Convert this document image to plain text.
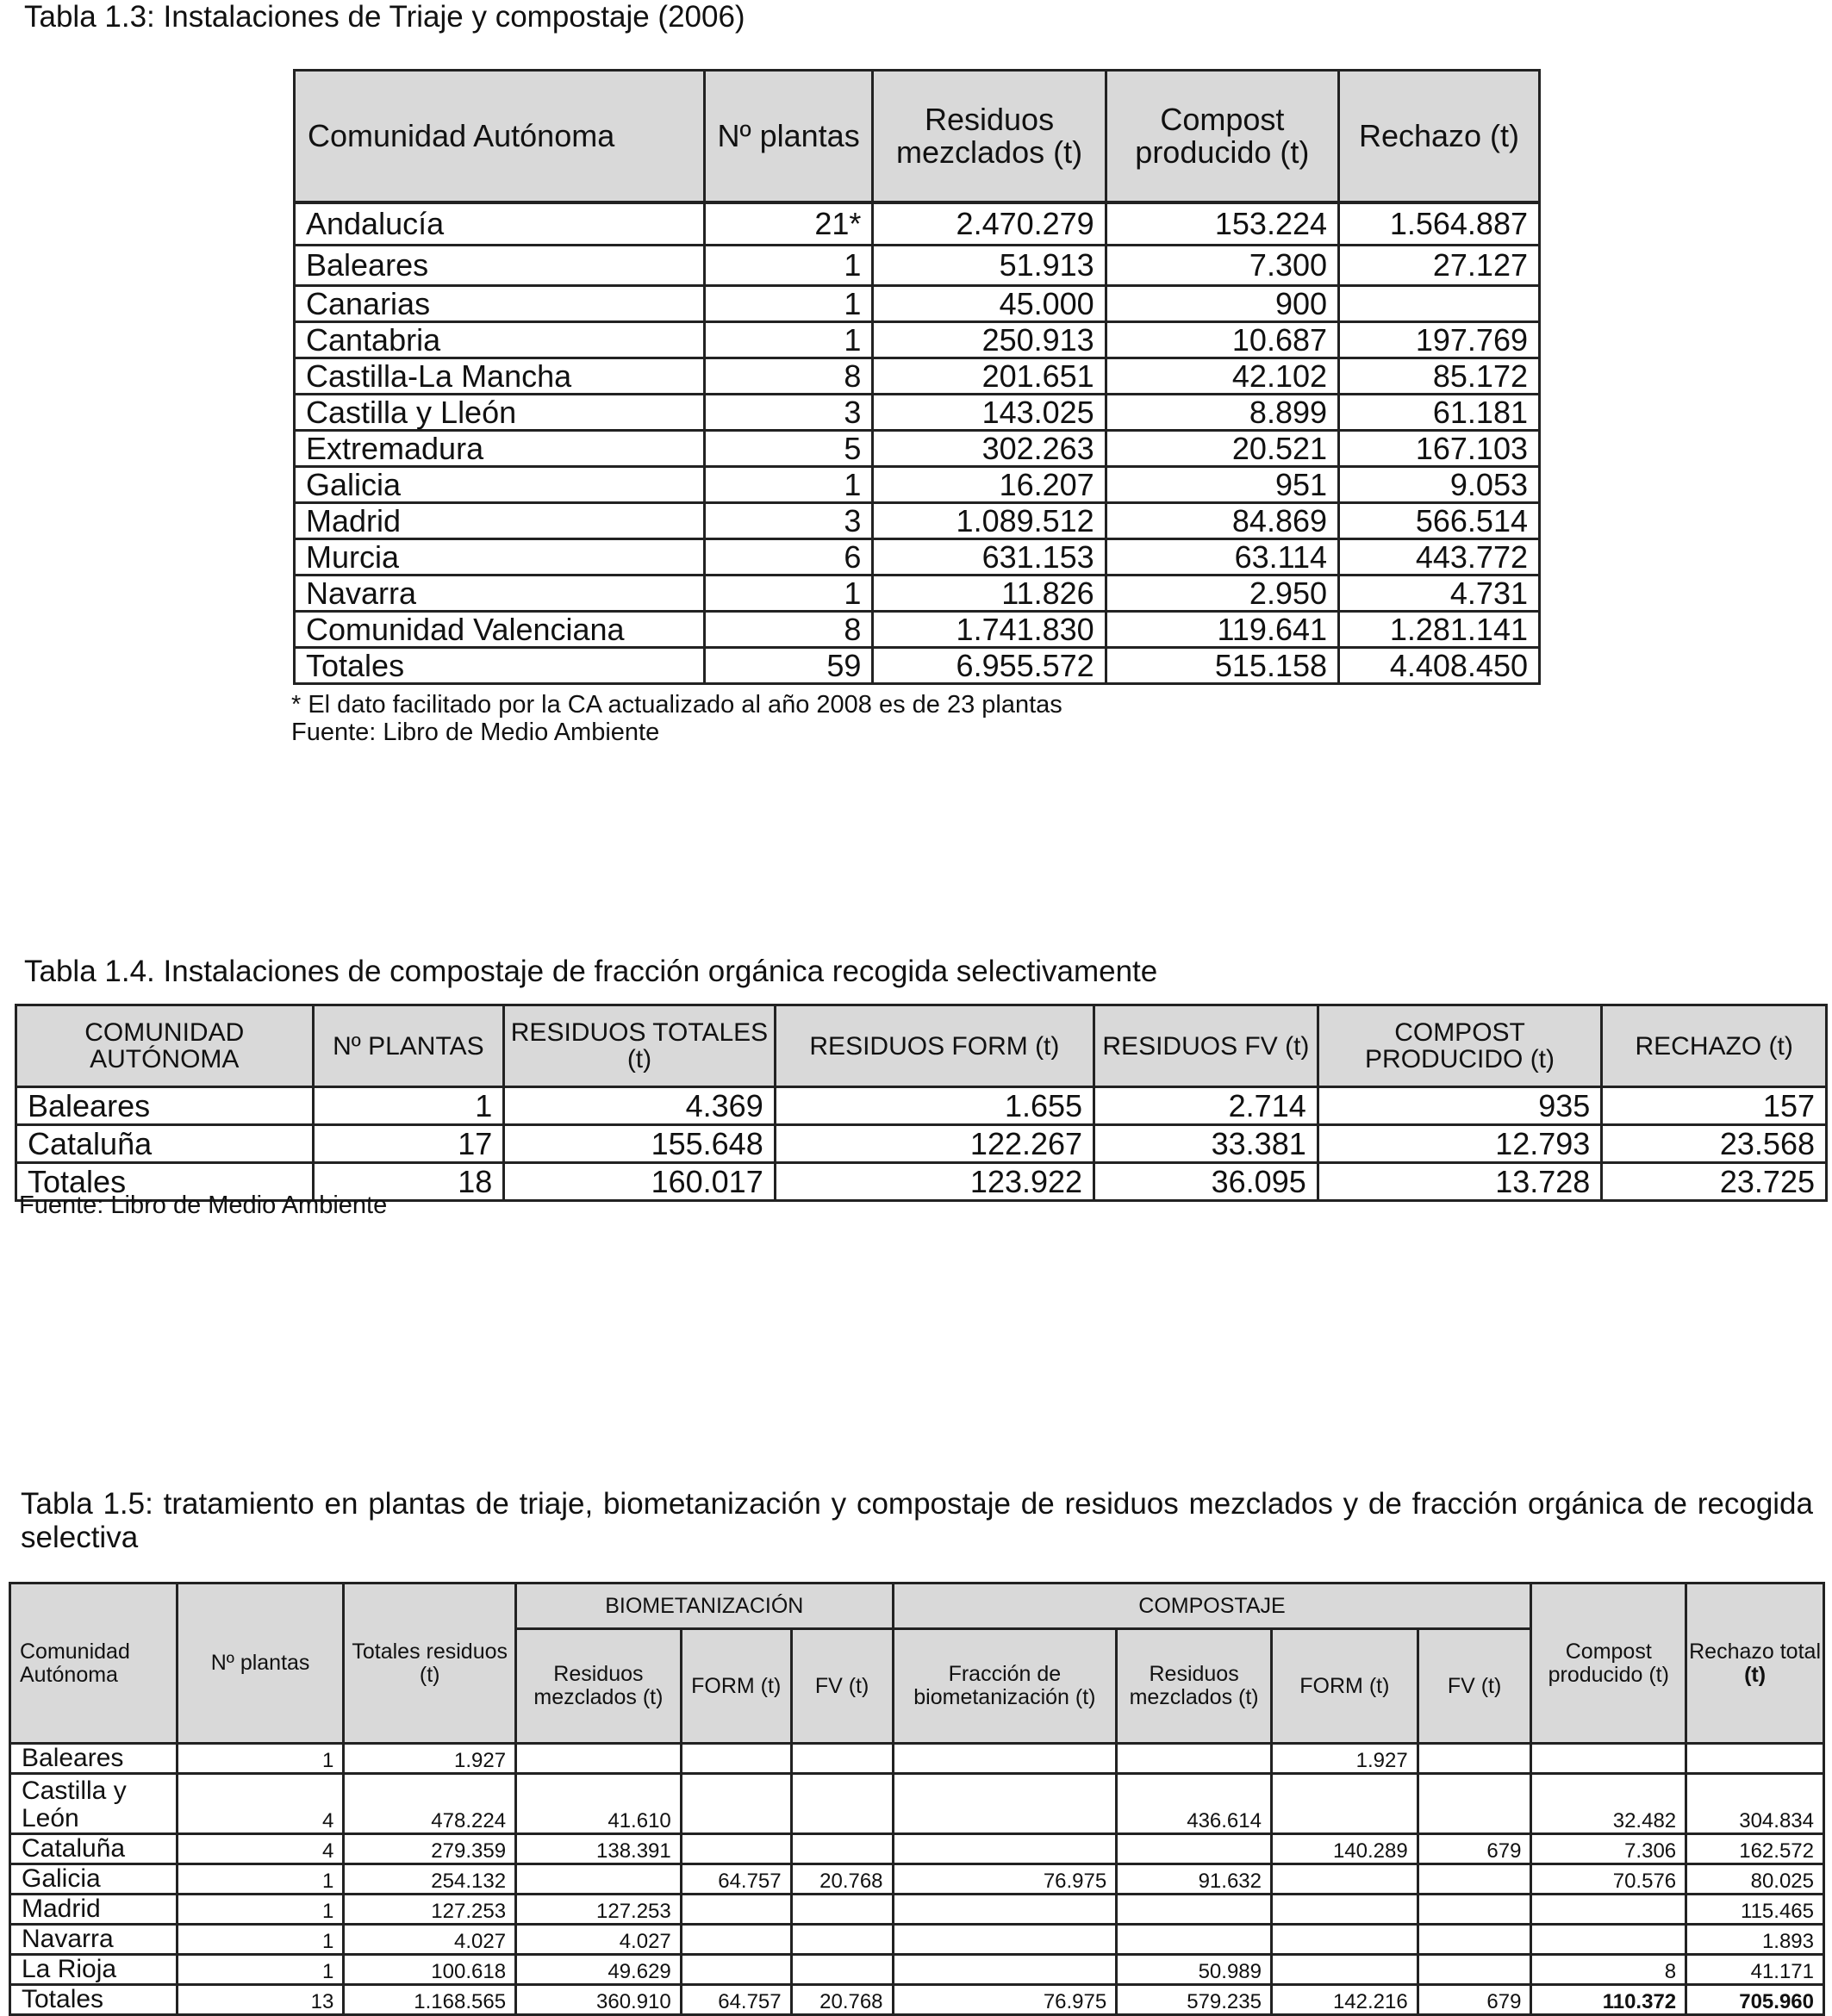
Tabla 1.3: Instalaciones de Triaje y compostaje (2006)
Comunidad Autónoma	Nº plantas	Residuos mezclados (t)	Compost producido (t)	Rechazo (t)
Andalucía	21*	2.470.279	153.224	1.564.887
Baleares	1	51.913	7.300	27.127
Canarias	1	45.000	900	
Cantabria	1	250.913	10.687	197.769
Castilla-La Mancha	8	201.651	42.102	85.172
Castilla y Lleón	3	143.025	8.899	61.181
Extremadura	5	302.263	20.521	167.103
Galicia	1	16.207	951	9.053
Madrid	3	1.089.512	84.869	566.514
Murcia	6	631.153	63.114	443.772
Navarra	1	11.826	2.950	4.731
Comunidad Valenciana	8	1.741.830	119.641	1.281.141
Totales	59	6.955.572	515.158	4.408.450
* El dato facilitado por la CA actualizado al año 2008 es de 23 plantas
Fuente: Libro de Medio Ambiente
Tabla 1.4. Instalaciones de compostaje de fracción orgánica recogida selectivamente
COMUNIDAD AUTÓNOMA	Nº PLANTAS	RESIDUOS TOTALES (t)	RESIDUOS FORM (t)	RESIDUOS FV (t)	COMPOST PRODUCIDO (t)	RECHAZO (t)
Baleares	1	4.369	1.655	2.714	935	157
Cataluña	17	155.648	122.267	33.381	12.793	23.568
Totales	18	160.017	123.922	36.095	13.728	23.725
Fuente: Libro de Medio Ambiente
Tabla 1.5: tratamiento en plantas de triaje, biometanización y compostaje de residuos mezclados y de fracción orgánica de recogida selectiva
Comunidad Autónoma	Nº plantas	Totales residuos (t)	BIOMETANIZACIÓN			COMPOSTAJE				Compost producido (t)	Rechazo total (t)
			Residuos mezclados (t)	FORM (t)	FV (t)	Fracción de biometanización (t)	Residuos mezclados (t)	FORM (t)	FV (t)		
Baleares	1	1.927						1.927			
Castilla y León	4	478.224	41.610				436.614			32.482	304.834
Cataluña	4	279.359	138.391					140.289	679	7.306	162.572
Galicia	1	254.132		64.757	20.768	76.975	91.632			70.576	80.025
Madrid	1	127.253	127.253								115.465
Navarra	1	4.027	4.027								1.893
La Rioja	1	100.618	49.629				50.989			8	41.171
Totales	13	1.168.565	360.910	64.757	20.768	76.975	579.235	142.216	679	110.372	705.960
